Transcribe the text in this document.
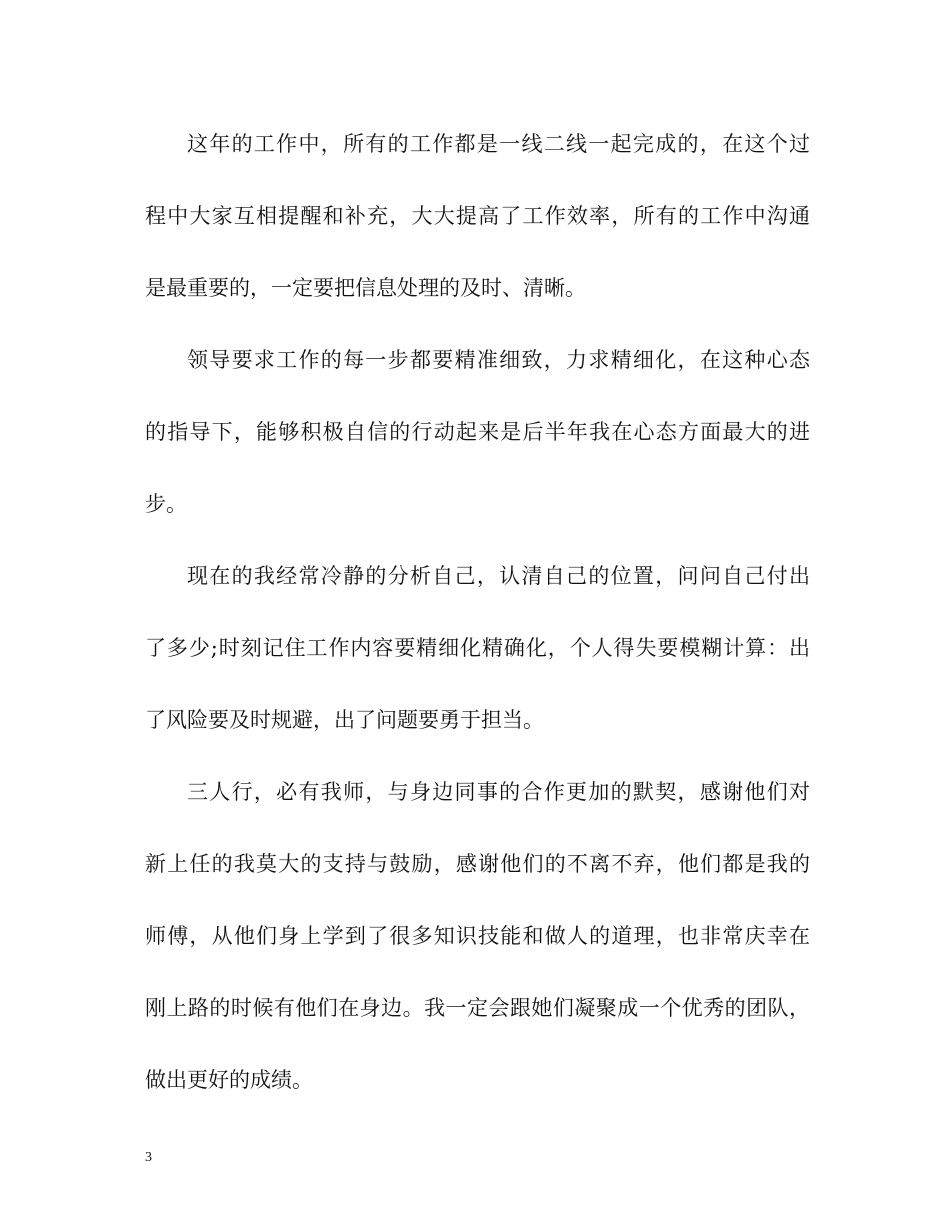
这年的工作中，所有的工作都是一线二线一起完成的，在这个过
程中大家互相提醒和补充，大大提高了工作效率，所有的工作中沟通
是最重要的，一定要把信息处理的及时、清晰。
领导要求工作的每一步都要精准细致，力求精细化，在这种心态
的指导下，能够积极自信的行动起来是后半年我在心态方面最大的进
步。
现在的我经常冷静的分析自己，认清自己的位置，问问自己付出
了多少;时刻记住工作内容要精细化精确化，个人得失要模糊计算：出
了风险要及时规避，出了问题要勇于担当。
三人行，必有我师，与身边同事的合作更加的默契，感谢他们对
新上任的我莫大的支持与鼓励，感谢他们的不离不弃，他们都是我的
师傅，从他们身上学到了很多知识技能和做人的道理，也非常庆幸在
刚上路的时候有他们在身边。我一定会跟她们凝聚成一个优秀的团队，
做出更好的成绩。
3
